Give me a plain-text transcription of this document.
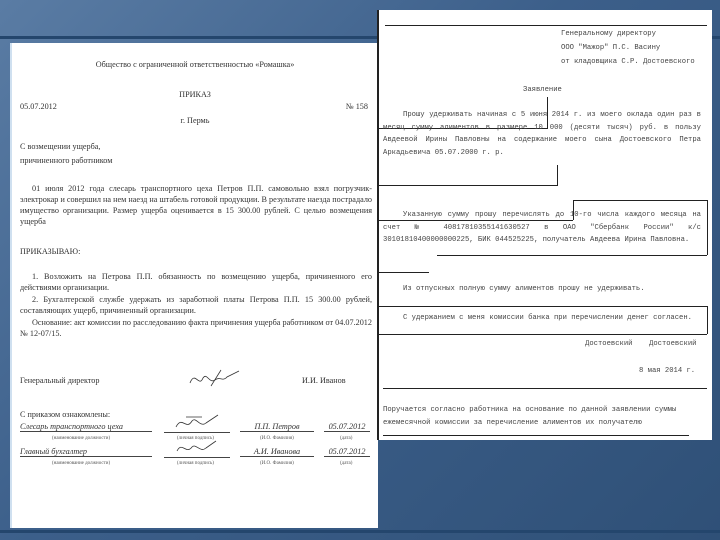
Общество с ограниченной ответственностью «Ромашка»
ПРИКАЗ
05.07.2012	№ 158
г. Пермь
С возмещении ущерба,
причиненного работником
01 июля 2012 года слесарь транспортного цеха Петров П.П. самовольно взял погрузчик-электрокар и совершил на нем наезд на штабель готовой продукции. В результате наезда пострадало имущество организации. Размер ущерба оценивается в 15 300.00 рублей. С целью возмещения ущерба
ПРИКАЗЫВАЮ:
1. Возложить на Петрова П.П. обязанность по возмещению ущерба, причиненного его действиями организации.
2. Бухгалтерской службе удержать из заработной платы Петрова П.П. 15 300.00 рублей, составляющих ущерб, причиненный организации.
Основание: акт комиссии по расследованию факта причинения ущерба работником от 04.07.2012 № 12-07/15.
Генеральный директор	И.И. Иванов
С приказом ознакомлены:
Слесарь транспортного цеха	П.П. Петров	05.07.2012
(наименование должности)	(личная подпись)	(И.О. Фамилия)	(дата)
Главный бухгалтер	А.И. Иванова	05.07.2012
(наименование должности)	(личная подпись)	(И.О. Фамилия)	(дата)
Генеральному директору
ООО "Мажор" П.С. Васину
от кладовщика С.Р. Достоевского
Заявление
Прошу удерживать начиная с 5 июня 2014 г. из моего оклада один раз в месяц сумму алиментов в размере 10 000 (десяти тысяч) руб. в пользу Авдеевой Ирины Павловны на содержание моего сына Достоевского Петра Аркадьевича 05.07.2000 г. р.
Указанную сумму прошу перечислять до 10-го числа каждого месяца на счет № 40817810355141630527 в ОАО "Сбербанк России" к/с 30101810400000000225, БИК 044525225, получатель Авдеева Ирина Павловна.
Из отпускных полную сумму алиментов прошу не удерживать.
С удержанием с меня комиссии банка при перечислении денег согласен.
Достоевский Достоевский
8 мая 2014 г.
Поручается согласно работника на основание по данной заявлении суммы ежемесячной комиссии за перечисление алиментов их получателю
